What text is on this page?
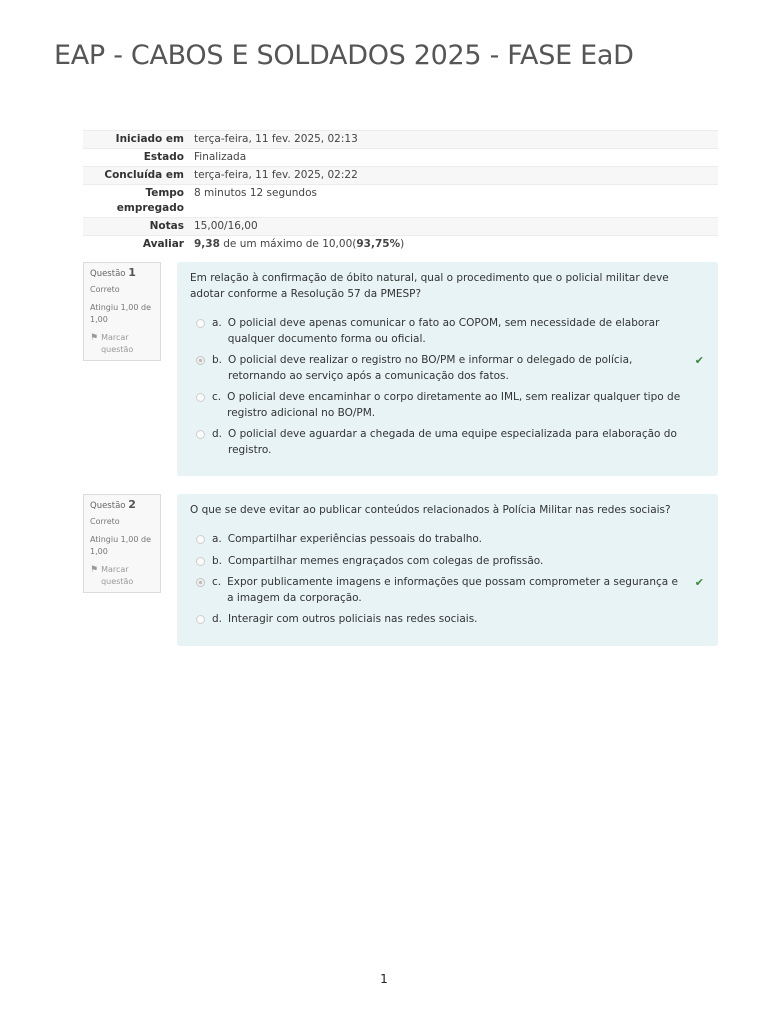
EAP - CABOS E SOLDADOS 2025 - FASE EaD
Iniciado em	terça-feira, 11 fev. 2025, 02:13
Estado	Finalizada
Concluída em	terça-feira, 11 fev. 2025, 02:22
Tempo empregado	8 minutos 12 segundos
Notas	15,00/16,00
Avaliar	9,38 de um máximo de 10,00(93,75%)
Questão 1
Correto
Atingiu 1,00 de 1,00
⚑ Marcar questão
Em relação à confirmação de óbito natural, qual o procedimento que o policial militar deve adotar conforme a Resolução 57 da PMESP?
a. O policial deve apenas comunicar o fato ao COPOM, sem necessidade de elaborar qualquer documento forma ou oficial.
b. O policial deve realizar o registro no BO/PM e informar o delegado de polícia, retornando ao serviço após a comunicação dos fatos.
✔
c. O policial deve encaminhar o corpo diretamente ao IML, sem realizar qualquer tipo de registro adicional no BO/PM.
d. O policial deve aguardar a chegada de uma equipe especializada para elaboração do registro.
Questão 2
Correto
Atingiu 1,00 de 1,00
⚑ Marcar questão
O que se deve evitar ao publicar conteúdos relacionados à Polícia Militar nas redes sociais?
a. Compartilhar experiências pessoais do trabalho.
b. Compartilhar memes engraçados com colegas de profissão.
c. Expor publicamente imagens e informações que possam comprometer a segurança e a imagem da corporação.
✔
d. Interagir com outros policiais nas redes sociais.
1
